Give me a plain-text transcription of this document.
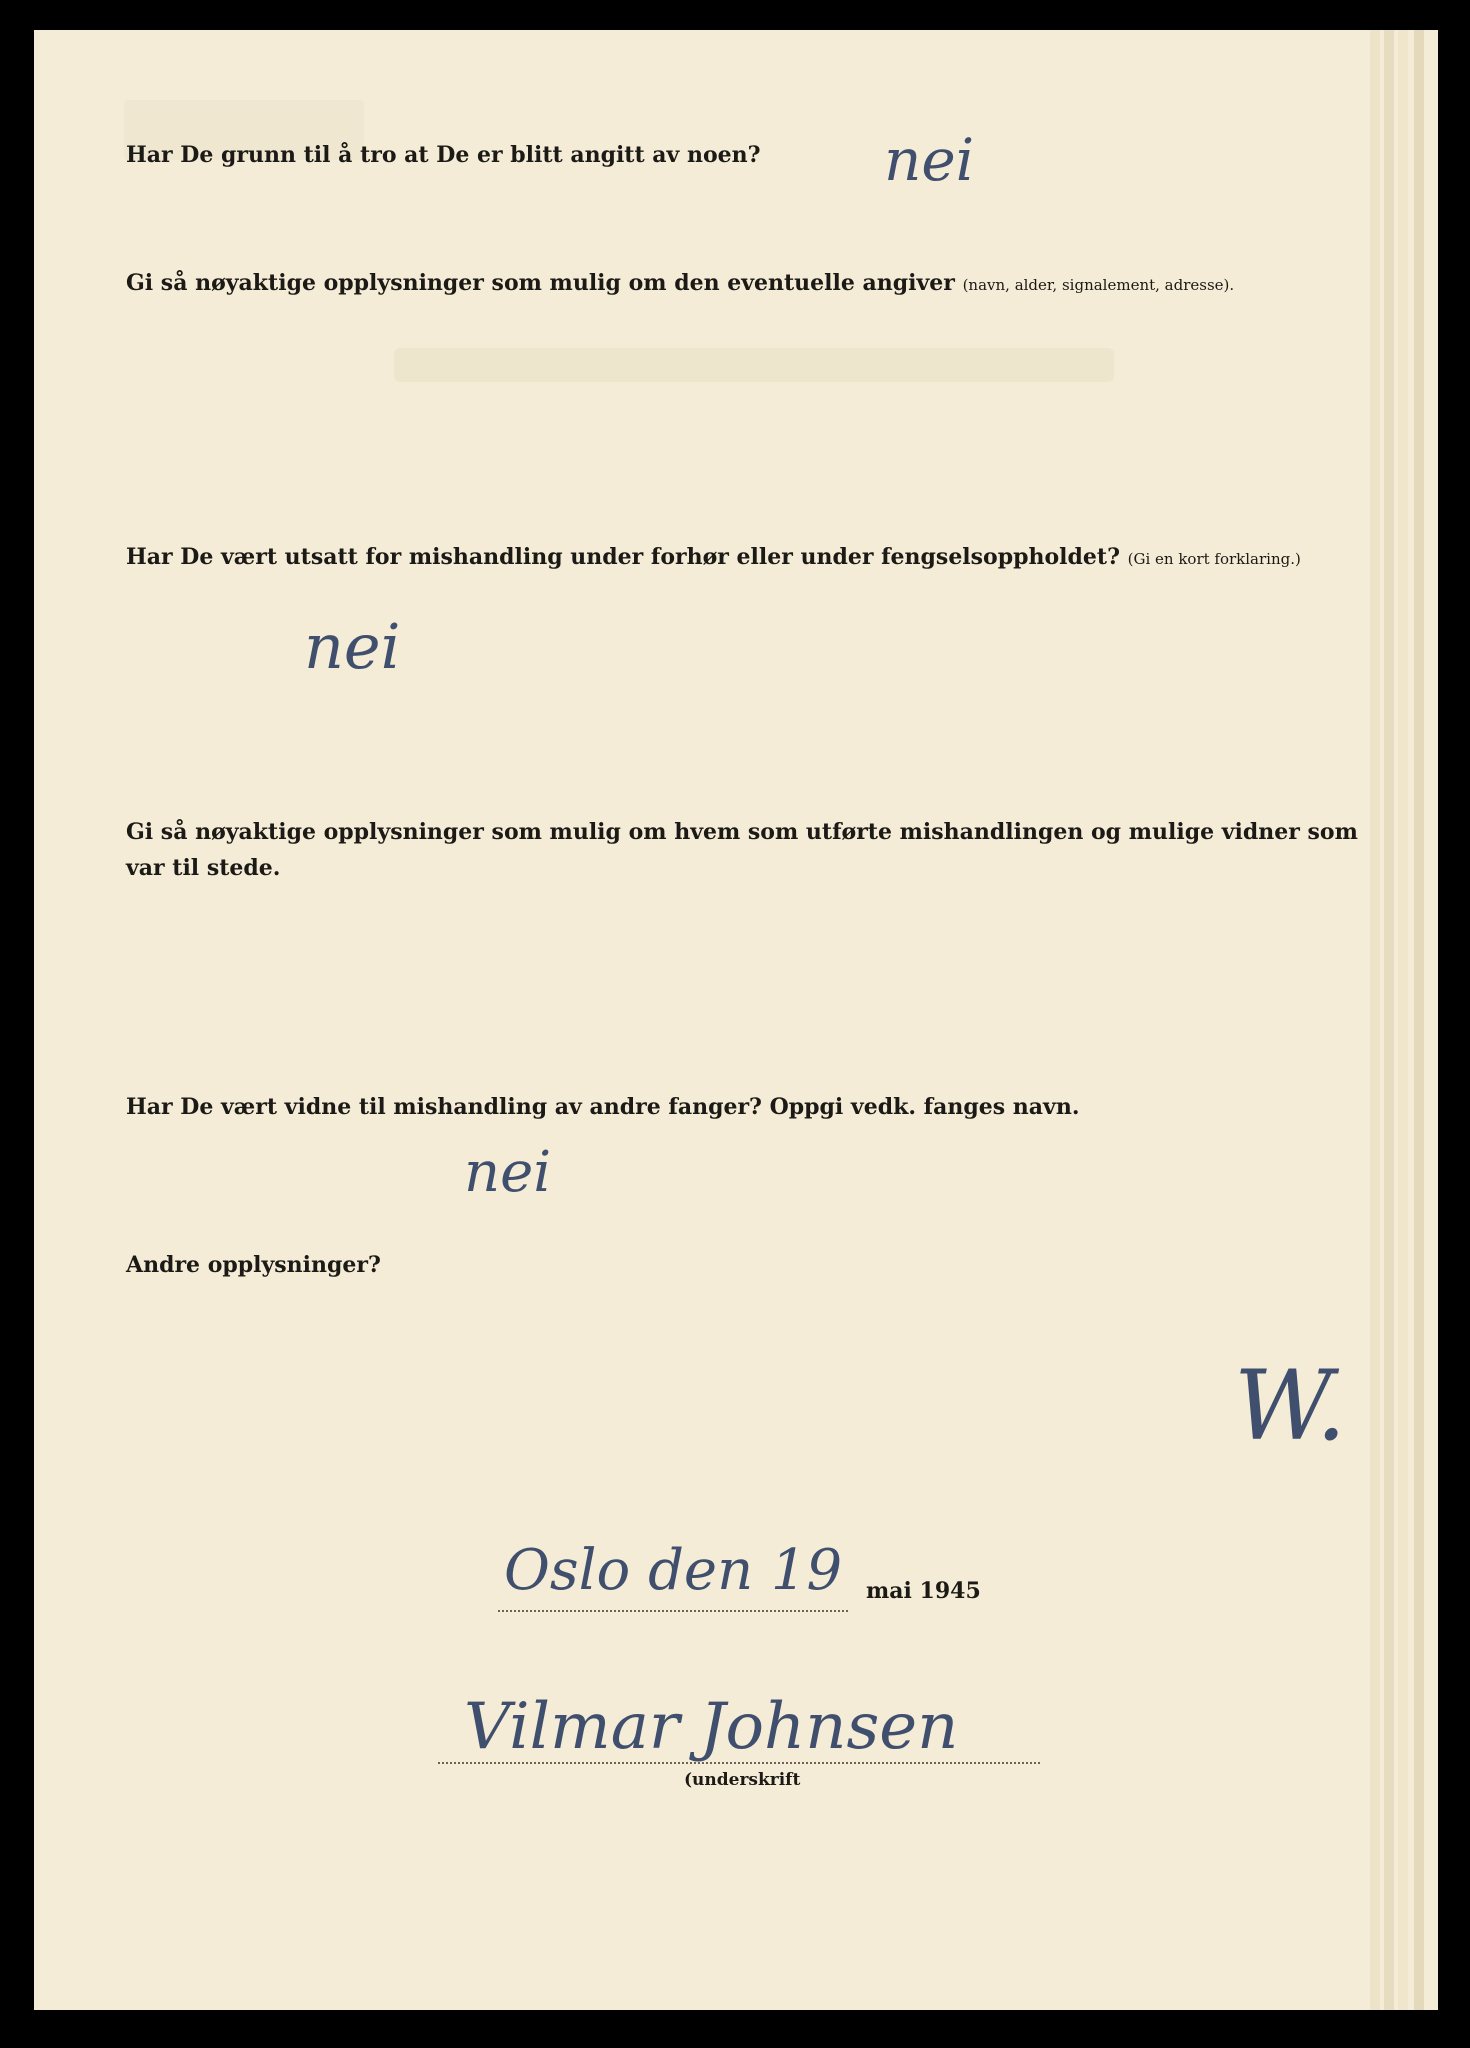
Har De grunn til å tro at De er blitt angitt av noen? nei

Gi så nøyaktige opplysninger som mulig om den eventuelle angiver (navn, alder, signalement, adresse).

Har De vært utsatt for mishandling under forhør eller under fengselsoppholdet? (Gi en kort forklaring.)

nei

Gi så nøyaktige opplysninger som mulig om hvem som utførte mishandlingen og mulige vidner som var til stede.

Har De vært vidne til mishandling av andre fanger? Oppgi vedk. fanges navn.

nei

Andre opplysninger?

W.
Oslo den 19 mai 1945
Vilmar Johnsen
(underskrift
